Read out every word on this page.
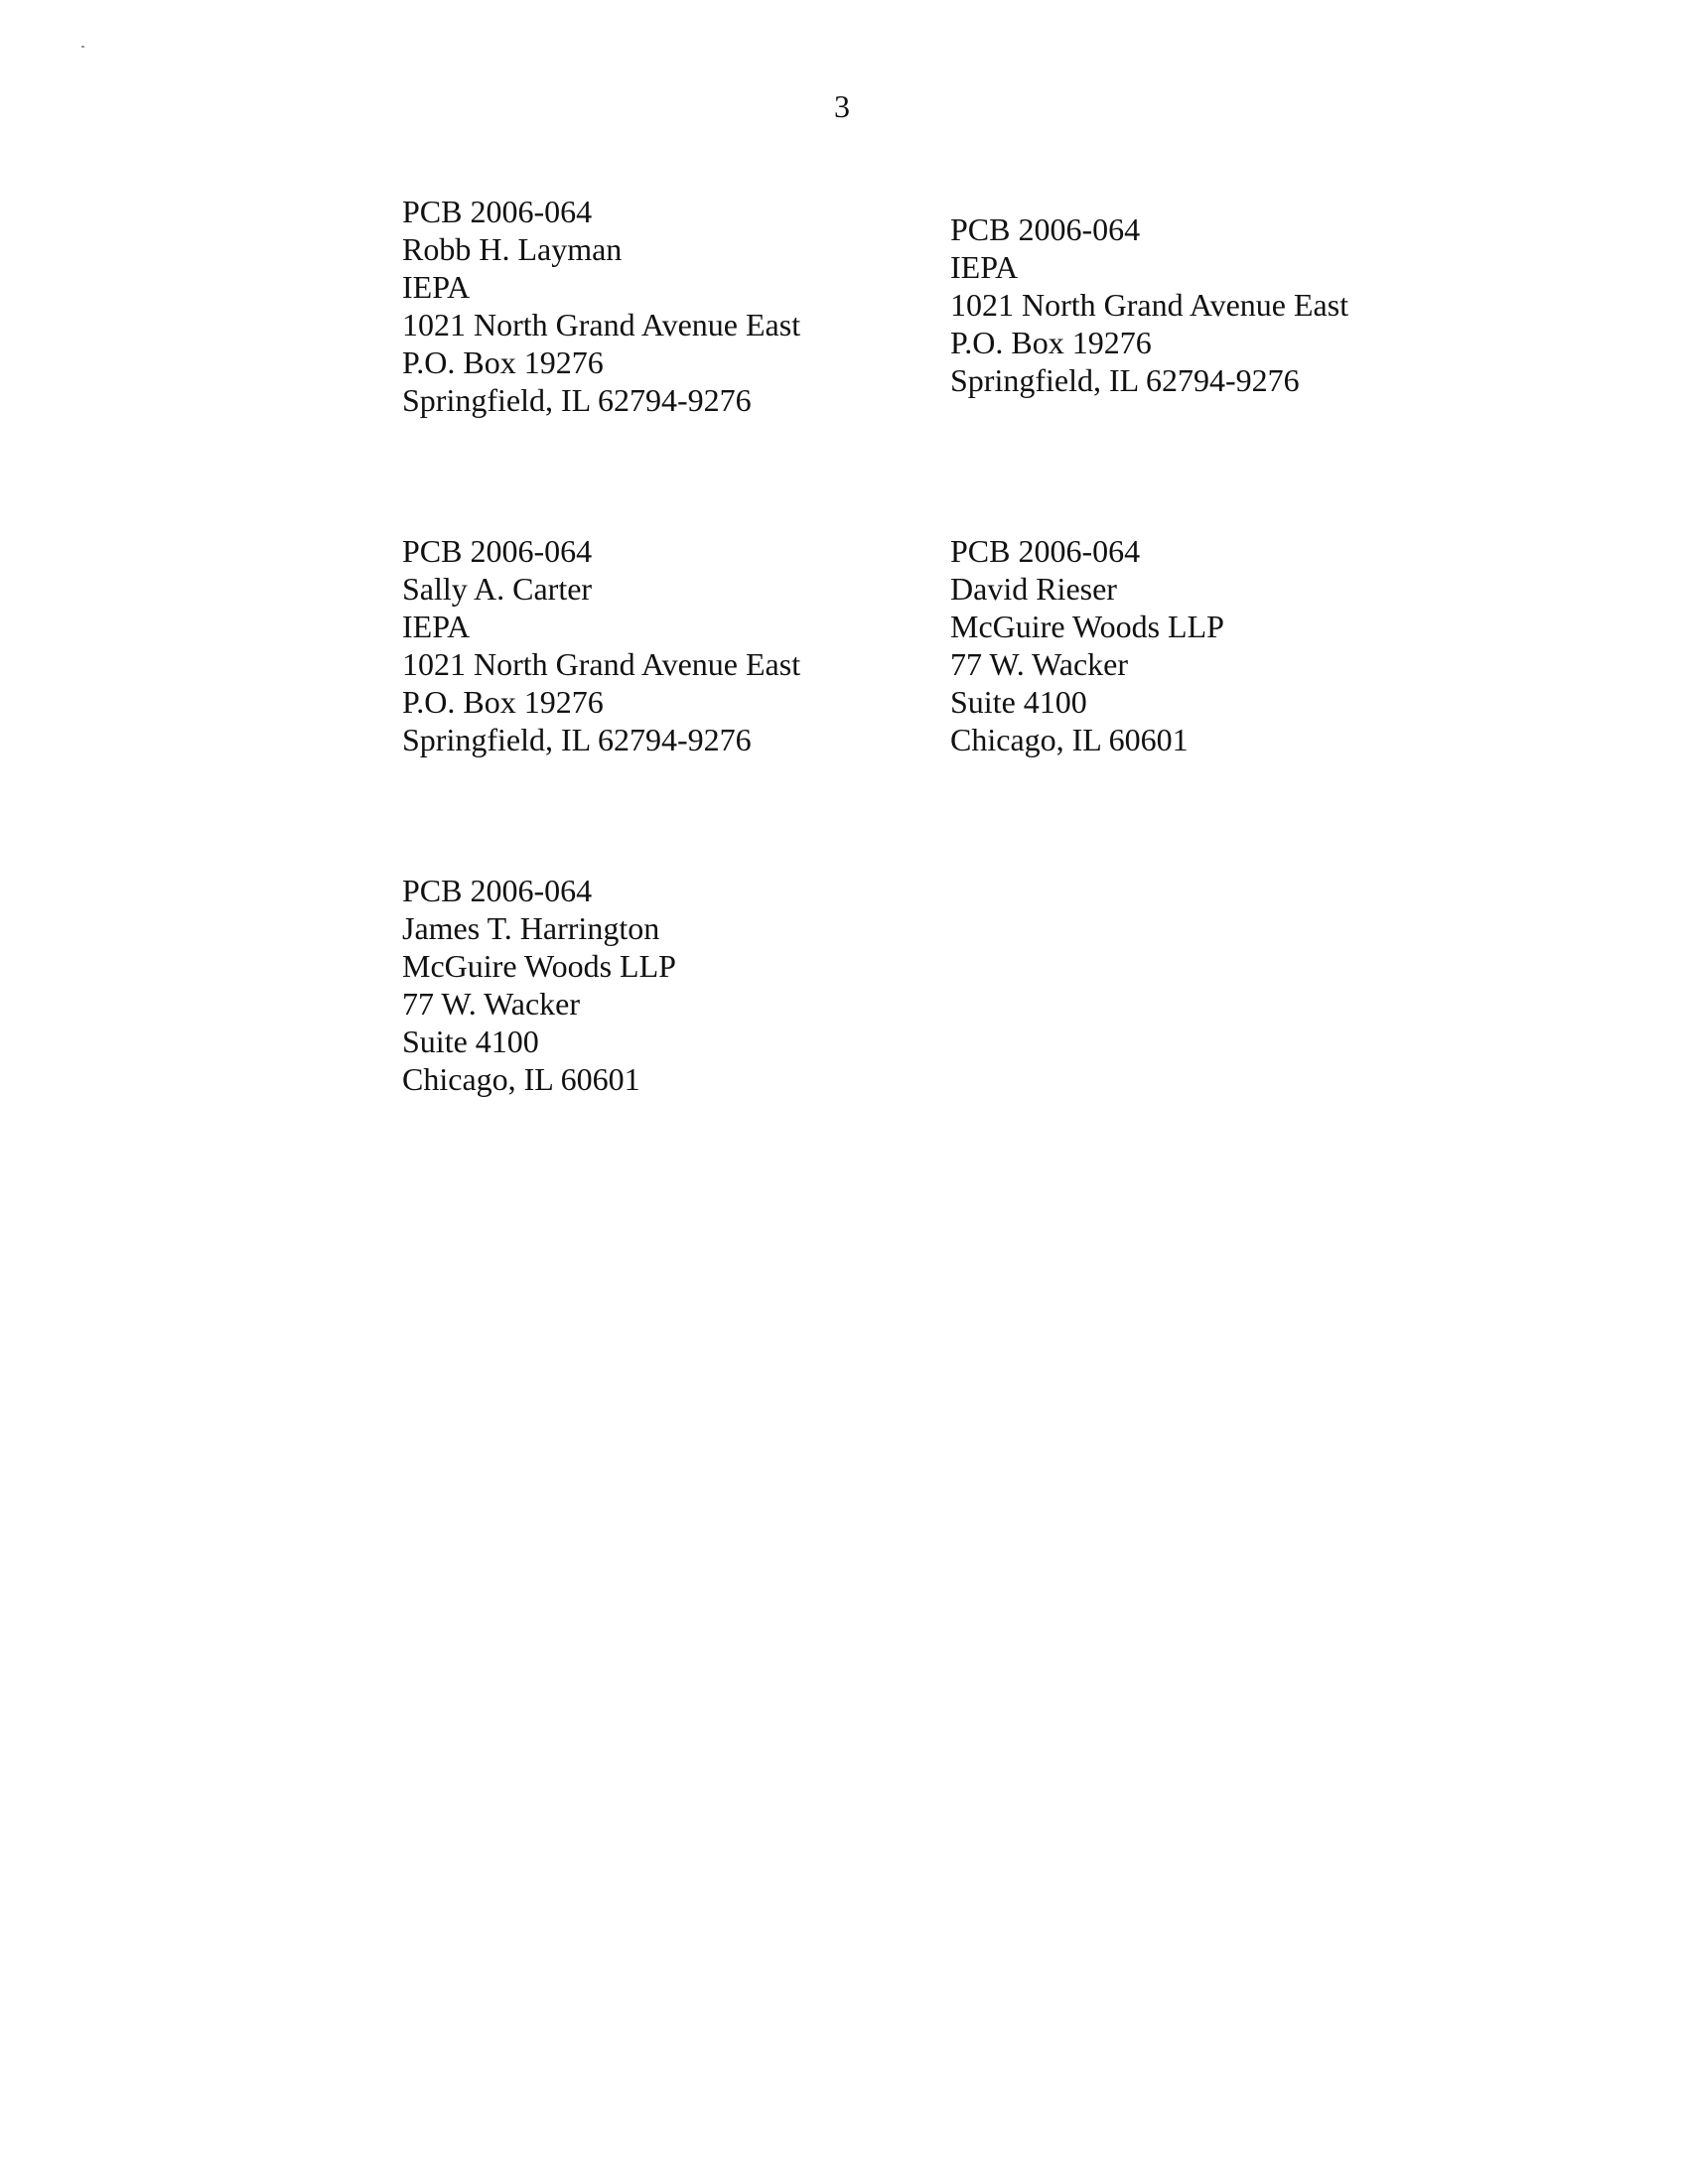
3
PCB 2006-064
Robb H. Layman
IEPA
1021 North Grand Avenue East
P.O. Box 19276
Springfield, IL 62794-9276
PCB 2006-064
IEPA
1021 North Grand Avenue East
P.O. Box 19276
Springfield, IL 62794-9276
PCB 2006-064
Sally A. Carter
IEPA
1021 North Grand Avenue East
P.O. Box 19276
Springfield, IL 62794-9276
PCB 2006-064
David Rieser
McGuire Woods LLP
77 W. Wacker
Suite 4100
Chicago, IL 60601
PCB 2006-064
James T. Harrington
McGuire Woods LLP
77 W. Wacker
Suite 4100
Chicago, IL 60601
